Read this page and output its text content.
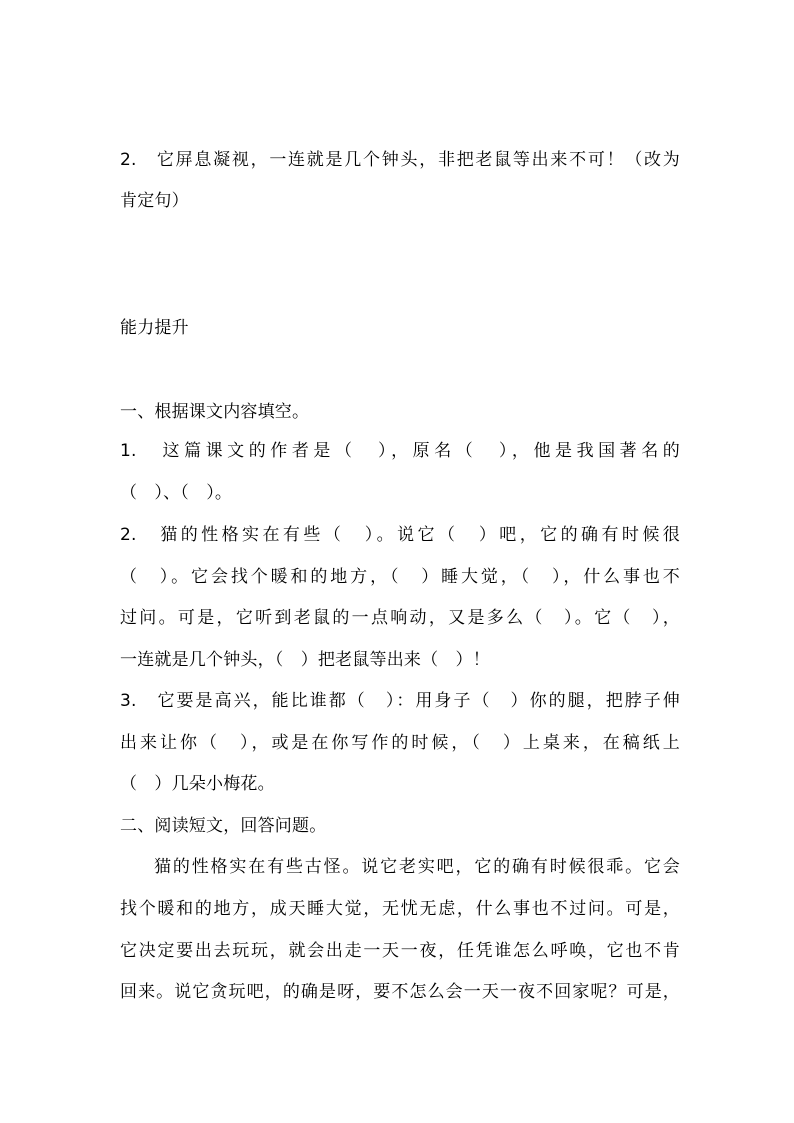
2.　它屏息凝视，一连就是几个钟头，非把老鼠等出来不可！（改为
肯定句）
能力提升
一、根据课文内容填空。
1.　这篇课文的作者是（　），原名（　），他是我国著名的
（　）、（　）。
2.　猫的性格实在有些（　）。说它（　）吧，它的确有时候很
（　）。它会找个暖和的地方，（　）睡大觉，（　），什么事也不
过问。可是，它听到老鼠的一点响动，又是多么（　）。它（　），
一连就是几个钟头，（　）把老鼠等出来（　）！
3.　它要是高兴，能比谁都（　）：用身子（　）你的腿，把脖子伸
出来让你（　），或是在你写作的时候，（　）上桌来，在稿纸上
（　）几朵小梅花。
二、阅读短文，回答问题。
猫的性格实在有些古怪。说它老实吧，它的确有时候很乖。它会
找个暖和的地方，成天睡大觉，无忧无虑，什么事也不过问。可是，
它决定要出去玩玩，就会出走一天一夜，任凭谁怎么呼唤，它也不肯
回来。说它贪玩吧，的确是呀，要不怎么会一天一夜不回家呢？可是，
